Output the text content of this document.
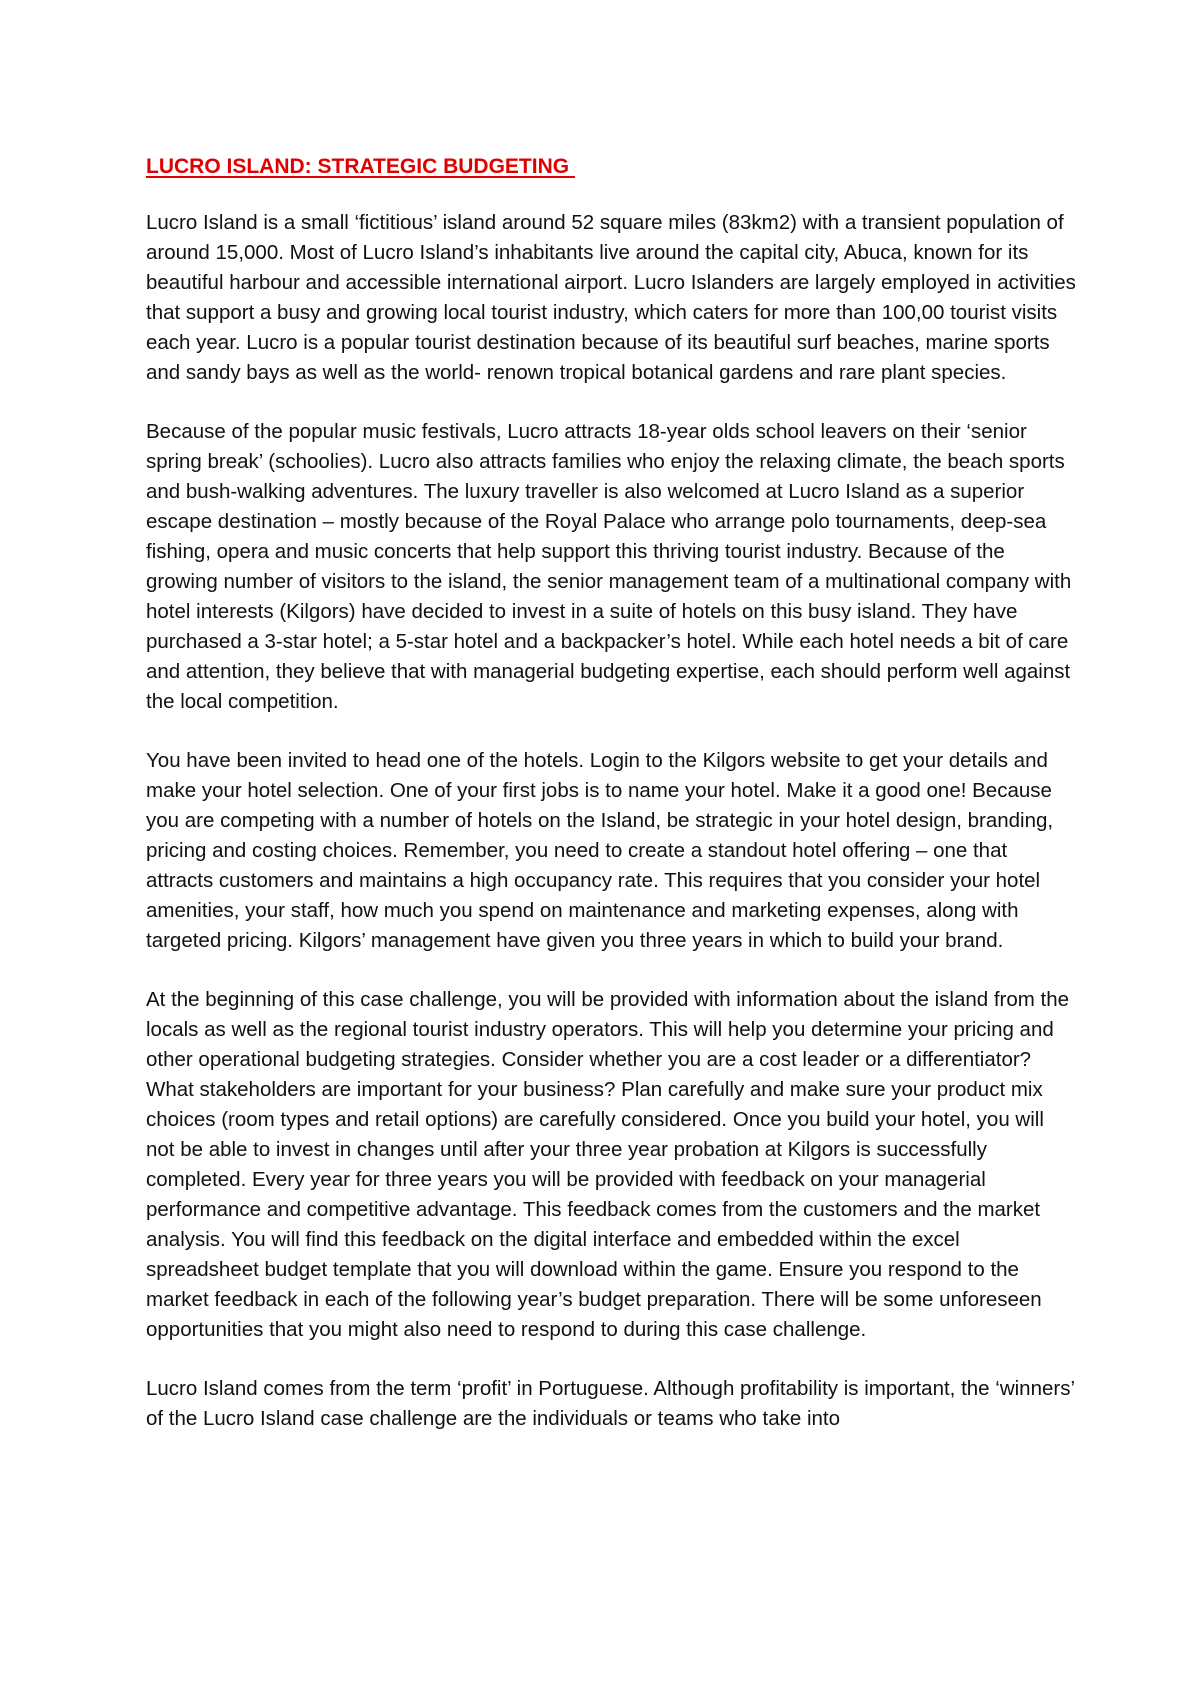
LUCRO ISLAND: STRATEGIC BUDGETING

Lucro Island is a small ‘fictitious’ island around 52 square miles (83km2) with a transient population of around 15,000. Most of Lucro Island’s inhabitants live around the capital city, Abuca, known for its beautiful harbour and accessible international airport. Lucro Islanders are largely employed in activities that support a busy and growing local tourist industry, which caters for more than 100,00 tourist visits each year. Lucro is a popular tourist destination because of its beautiful surf beaches, marine sports and sandy bays as well as the world- renown tropical botanical gardens and rare plant species.

Because of the popular music festivals, Lucro attracts 18-year olds school leavers on their ‘senior spring break’ (schoolies). Lucro also attracts families who enjoy the relaxing climate, the beach sports and bush-walking adventures. The luxury traveller is also welcomed at Lucro Island as a superior escape destination – mostly because of the Royal Palace who arrange polo tournaments, deep-sea fishing, opera and music concerts that help support this thriving tourist industry. Because of the growing number of visitors to the island, the senior management team of a multinational company with hotel interests (Kilgors) have decided to invest in a suite of hotels on this busy island. They have purchased a 3-star hotel; a 5-star hotel and a backpacker’s hotel. While each hotel needs a bit of care and attention, they believe that with managerial budgeting expertise, each should perform well against the local competition.

You have been invited to head one of the hotels. Login to the Kilgors website to get your details and make your hotel selection. One of your first jobs is to name your hotel. Make it a good one! Because you are competing with a number of hotels on the Island, be strategic in your hotel design, branding, pricing and costing choices. Remember, you need to create a standout hotel offering – one that attracts customers and maintains a high occupancy rate. This requires that you consider your hotel amenities, your staff, how much you spend on maintenance and marketing expenses, along with targeted pricing. Kilgors’ management have given you three years in which to build your brand.

At the beginning of this case challenge, you will be provided with information about the island from the locals as well as the regional tourist industry operators. This will help you determine your pricing and other operational budgeting strategies. Consider whether you are a cost leader or a differentiator? What stakeholders are important for your business? Plan carefully and make sure your product mix choices (room types and retail options) are carefully considered. Once you build your hotel, you will not be able to invest in changes until after your three year probation at Kilgors is successfully completed. Every year for three years you will be provided with feedback on your managerial performance and competitive advantage. This feedback comes from the customers and the market analysis. You will find this feedback on the digital interface and embedded within the excel spreadsheet budget template that you will download within the game. Ensure you respond to the market feedback in each of the following year’s budget preparation. There will be some unforeseen opportunities that you might also need to respond to during this case challenge.

Lucro Island comes from the term ‘profit’ in Portuguese. Although profitability is important, the ‘winners’ of the Lucro Island case challenge are the individuals or teams who take into
